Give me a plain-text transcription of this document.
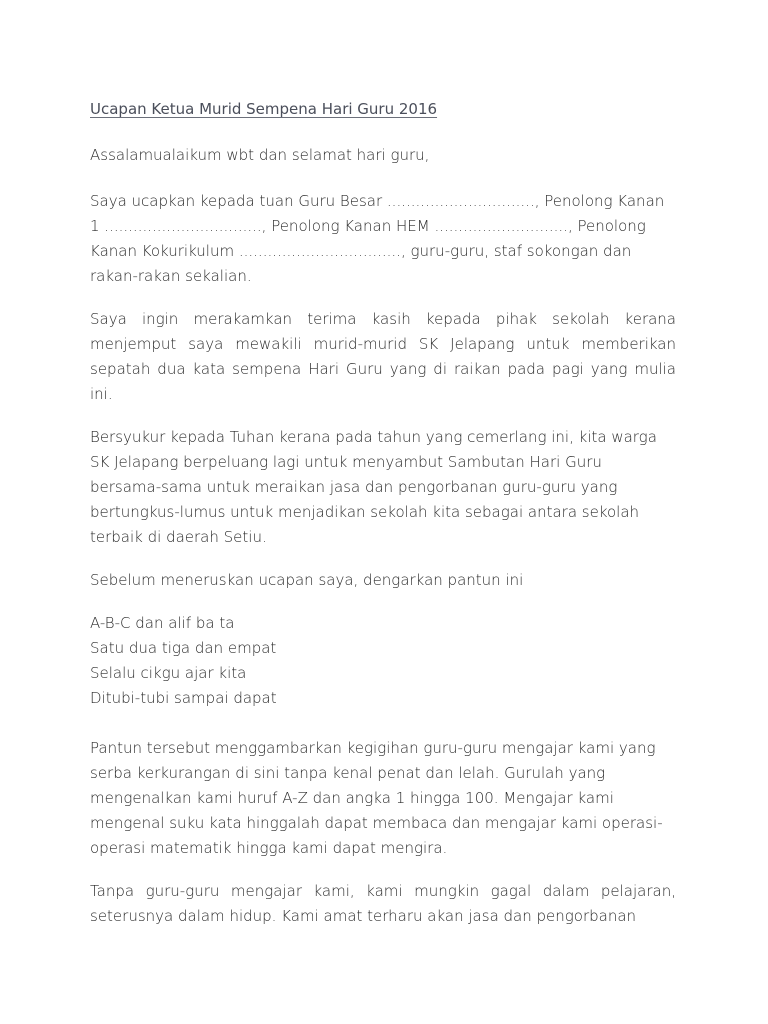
Ucapan Ketua Murid Sempena Hari Guru 2016

Assalamualaikum wbt dan selamat hari guru,

Saya ucapkan kepada tuan Guru Besar ..............................., Penolong Kanan 1 ................................., Penolong Kanan HEM ............................, Penolong Kanan Kokurikulum .................................., guru-guru, staf sokongan dan rakan-rakan sekalian.

Saya ingin merakamkan terima kasih kepada pihak sekolah kerana menjemput saya mewakili murid-murid SK Jelapang untuk memberikan sepatah dua kata sempena Hari Guru yang di raikan pada pagi yang mulia ini.

Bersyukur kepada Tuhan kerana pada tahun yang cemerlang ini, kita warga SK Jelapang berpeluang lagi untuk menyambut Sambutan Hari Guru bersama-sama untuk meraikan jasa dan pengorbanan guru-guru yang bertungkus-lumus untuk menjadikan sekolah kita sebagai antara sekolah terbaik di daerah Setiu.

Sebelum meneruskan ucapan saya, dengarkan pantun ini

A-B-C dan alif ba ta
Satu dua tiga dan empat
Selalu cikgu ajar kita
Ditubi-tubi sampai dapat

Pantun tersebut menggambarkan kegigihan guru-guru mengajar kami yang serba kerkurangan di sini tanpa kenal penat dan lelah. Gurulah yang mengenalkan kami huruf A-Z dan angka 1 hingga 100. Mengajar kami mengenal suku kata hinggalah dapat membaca dan mengajar kami operasi-operasi matematik hingga kami dapat mengira.

Tanpa guru-guru mengajar kami, kami mungkin gagal dalam pelajaran, seterusnya dalam hidup. Kami amat terharu akan jasa dan pengorbanan
